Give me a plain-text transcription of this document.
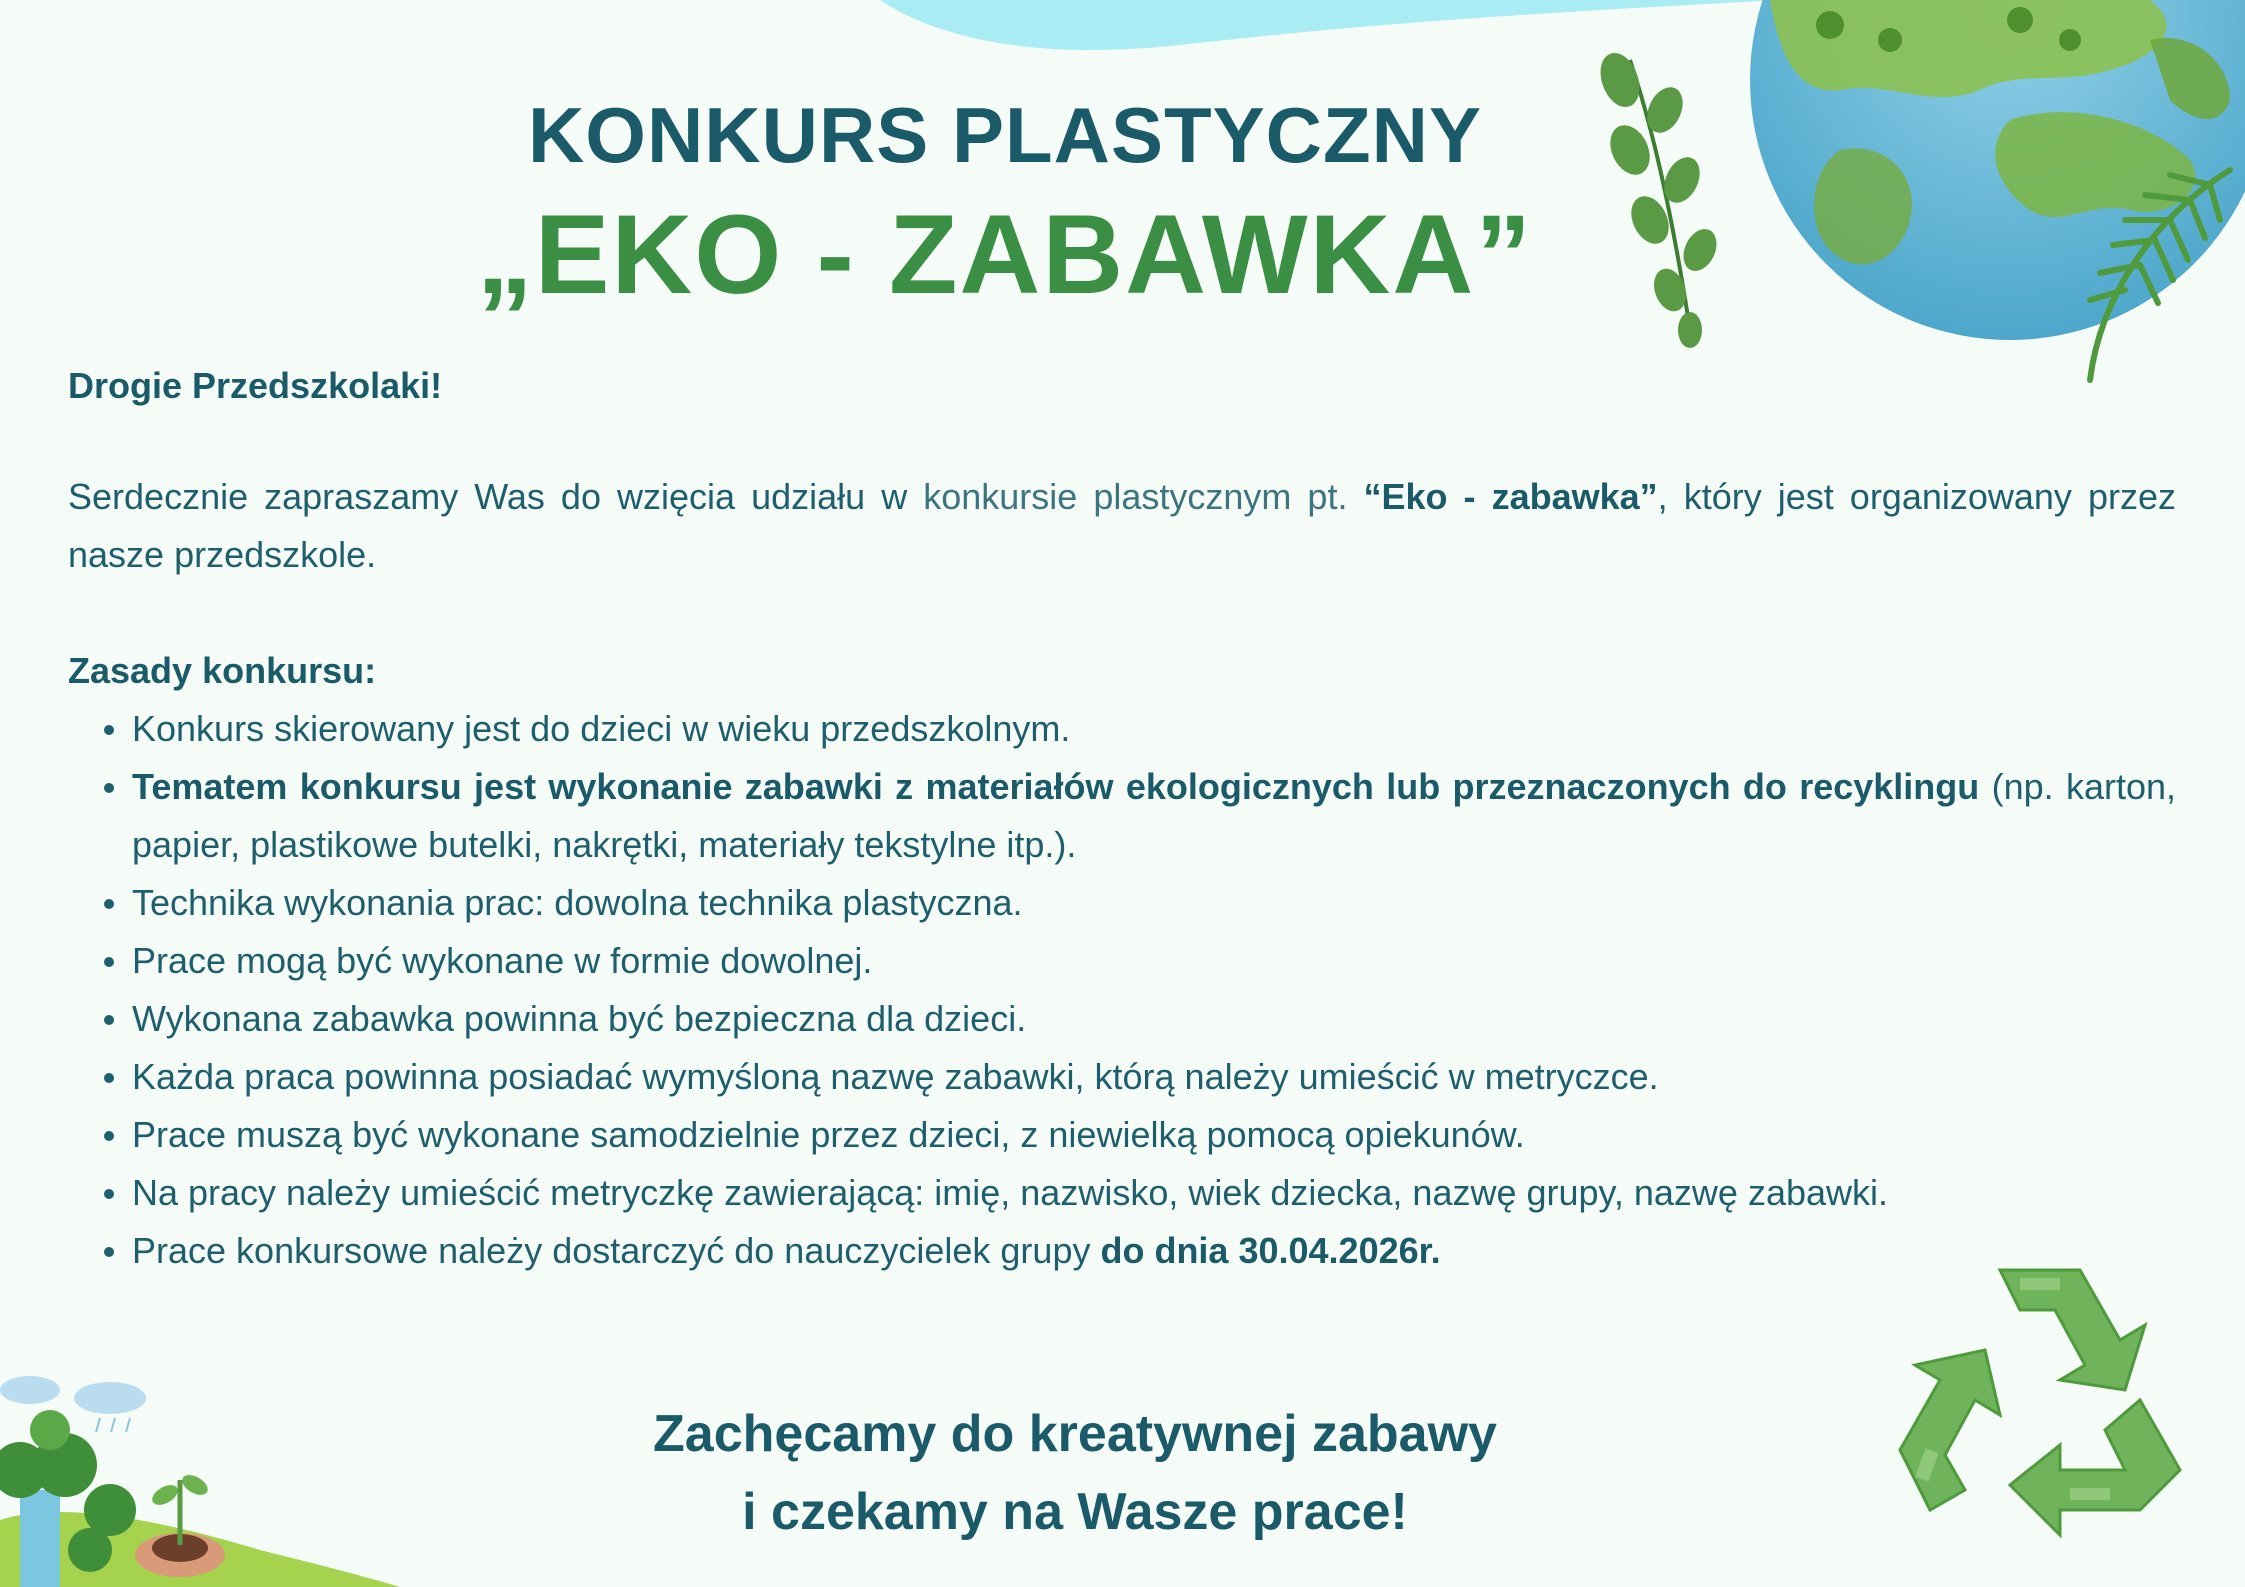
KONKURS PLASTYCZNY
„EKO - ZABAWKA”
Drogie Przedszkolaki!
Serdecznie zapraszamy Was do wzięcia udziału w konkursie plastycznym pt. “Eko - zabawka”, który jest organizowany przez nasze przedszkole.
Zasady konkursu:
Konkurs skierowany jest do dzieci w wieku przedszkolnym.
Tematem konkursu jest wykonanie zabawki z materiałów ekologicznych lub przeznaczonych do recyklingu (np. karton, papier, plastikowe butelki, nakrętki, materiały tekstylne itp.).
Technika wykonania prac: dowolna technika plastyczna.
Prace mogą być wykonane w formie dowolnej.
Wykonana zabawka powinna być bezpieczna dla dzieci.
Każda praca powinna posiadać wymyśloną nazwę zabawki, którą należy umieścić w metryczce.
Prace muszą być wykonane samodzielnie przez dzieci, z niewielką pomocą opiekunów.
Na pracy należy umieścić metryczkę zawierającą: imię, nazwisko, wiek dziecka, nazwę grupy, nazwę zabawki.
Prace konkursowe należy dostarczyć do nauczycielek grupy do dnia 30.04.2026r.
Zachęcamy do kreatywnej zabawy
i czekamy na Wasze prace!
